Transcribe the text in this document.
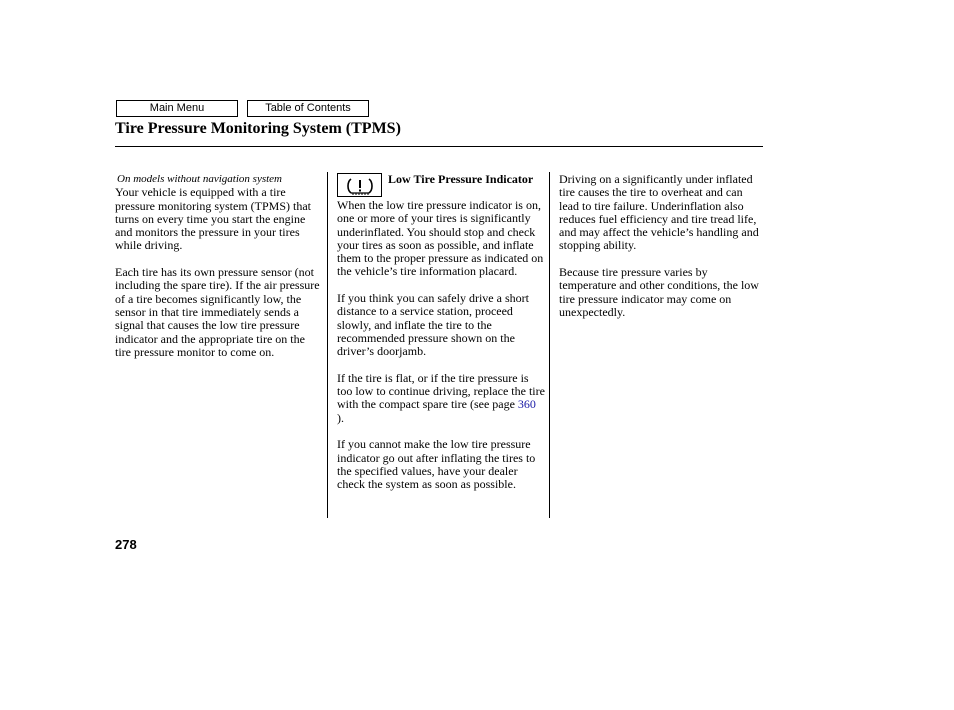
Main Menu	Table of Contents
Tire Pressure Monitoring System (TPMS)
On models without navigation system

Your vehicle is equipped with a tire pressure monitoring system (TPMS) that turns on every time you start the engine and monitors the pressure in your tires while driving.

Each tire has its own pressure sensor (not including the spare tire). If the air pressure of a tire becomes significantly low, the sensor in that tire immediately sends a signal that causes the low tire pressure indicator and the appropriate tire on the tire pressure monitor to come on.

Low Tire Pressure Indicator

When the low tire pressure indicator is on, one or more of your tires is significantly underinflated. You should stop and check your tires as soon as possible, and inflate them to the proper pressure as indicated on the vehicle’s tire information placard.

If you think you can safely drive a short distance to a service station, proceed slowly, and inflate the tire to the recommended pressure shown on the driver’s doorjamb.

If the tire is flat, or if the tire pressure is too low to continue driving, replace the tire with the compact spare tire (see page 360 ).

If you cannot make the low tire pressure indicator go out after inflating the tires to the specified values, have your dealer check the system as soon as possible.

Driving on a significantly under inflated tire causes the tire to overheat and can lead to tire failure. Underinflation also reduces fuel efficiency and tire tread life, and may affect the vehicle’s handling and stopping ability.

Because tire pressure varies by temperature and other conditions, the low tire pressure indicator may come on unexpectedly.

278
